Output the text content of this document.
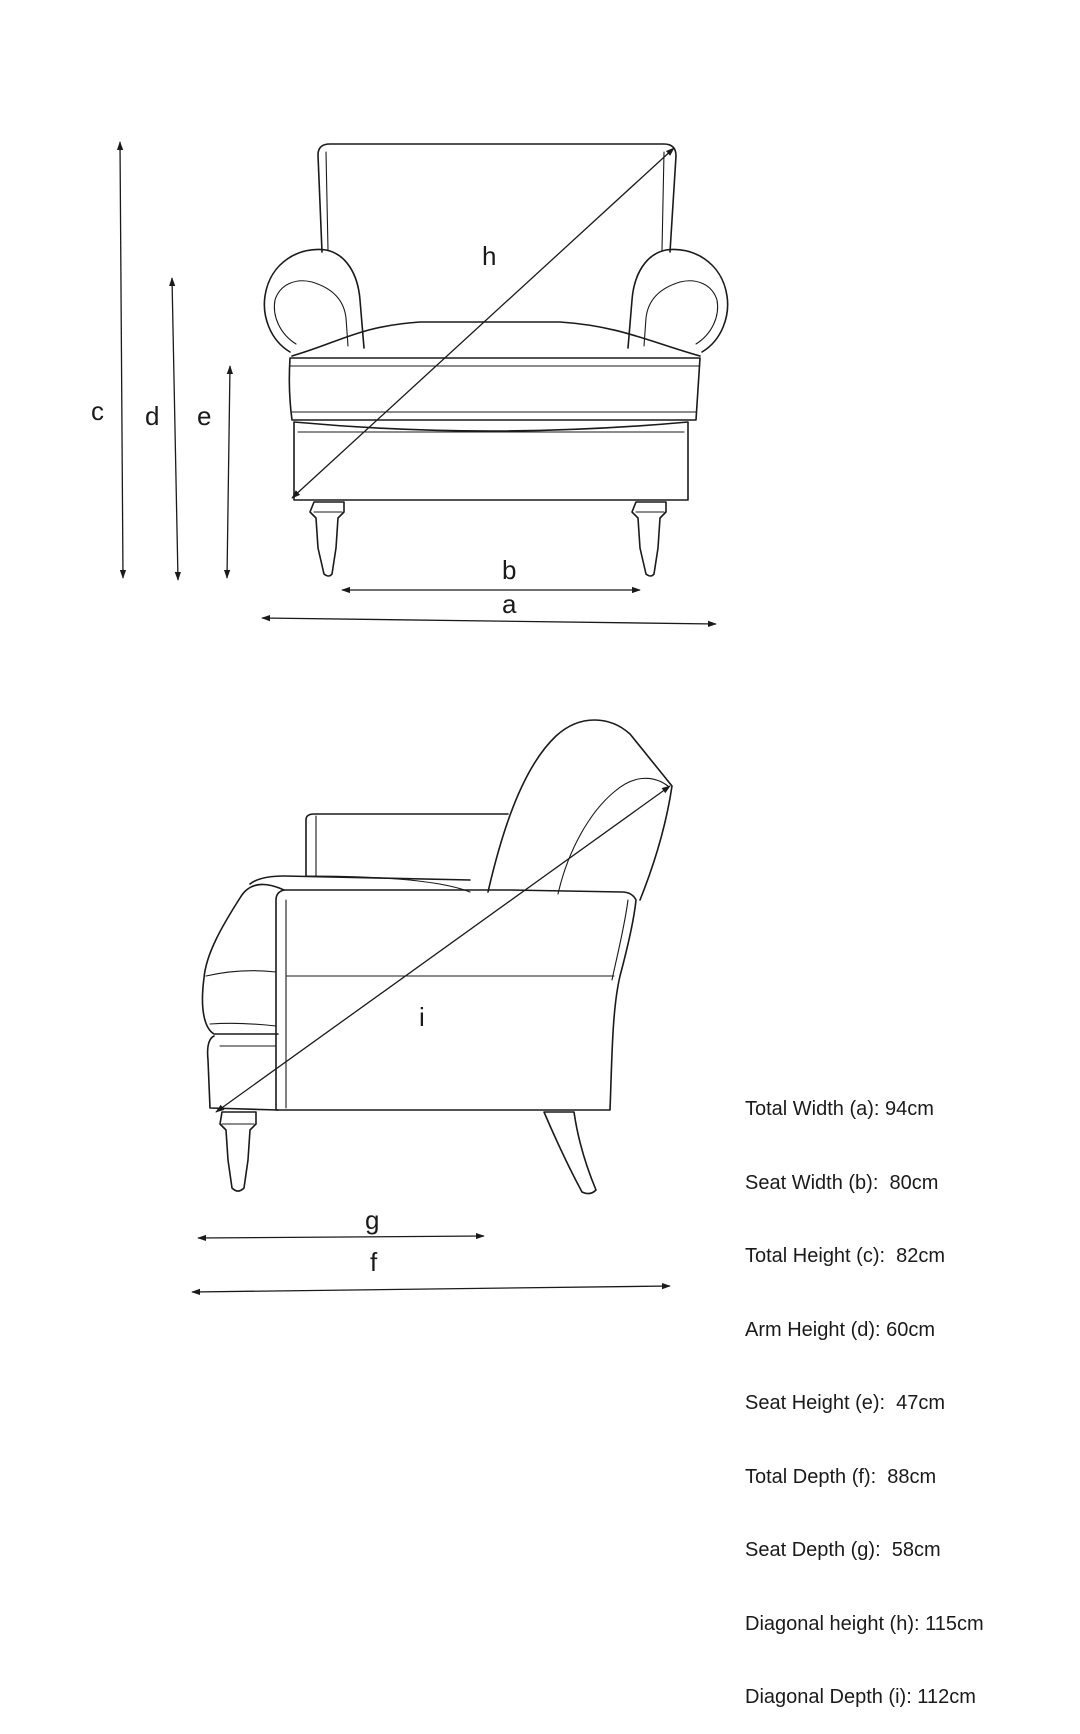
c d e
h
b
a
i
g
f

Total Width (a): 94cm

Seat Width (b):  80cm

Total Height (c):  82cm

Arm Height (d): 60cm

Seat Height (e):  47cm

Total Depth (f):  88cm

Seat Depth (g):  58cm

Diagonal height (h): 115cm

Diagonal Depth (i): 112cm
